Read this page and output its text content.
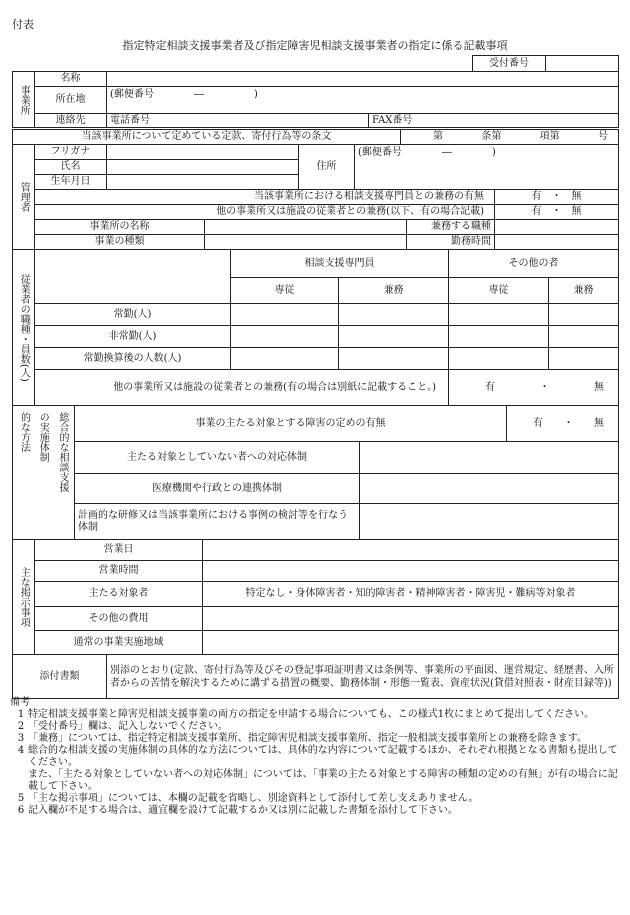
付表
指定特定相談支援事業者及び指定障害児相談支援事業者の指定に係る記載事項
受付番号	
事業所	名称		
	所在地	(郵便番号　　　　―　　　　　)	
	連絡先	電話番号	FAX番号
当該事業所について定めている定款、寄付行為等の条文	第	条第	項第	号
管理者	フリガナ			住所	(郵便番号　　　　―　　　　)		
	氏名						
	生年月日						
	当該事業所における相談支援専門員との兼務の有無						有　・　無
	他の事業所又は施設の従業者との兼務(以下、有の場合記載)						有　・　無
	事業所の名称					兼務する職種	
	事業の種類					勤務時間	
従業者の職種・員数(人)		相談支援専門員		その他の者	
		専従	兼務	専従	兼務
	常勤(人)				
	非常勤(人)				
	常勤換算後の人数(人)				
	他の事業所又は施設の従業者との兼務(有の場合は別紙に記載すること。)			有 ・ 無	
的な方法	の実施体制	総合的な相談支援	事業の主たる対象とする障害の定めの有無		有 ・ 無

			主たる対象としていない者への対応体制		
			医療機関や行政との連携体制		
			計画的な研修又は当該事業所における事例の検討等を行なう体制		
主な掲示事項	営業日	
	営業時間	
	主たる対象者	特定なし・身体障害者・知的障害者・精神障害者・障害児・難病等対象者
	その他の費用	
	通常の事業実施地域	
添付書類	別添のとおり(定款、寄付行為等及びその登記事項証明書又は条例等、事業所の平面図、運営規定、経歴書、入所者からの苦情を解決するために講ずる措置の概要、勤務体制・形態一覧表、資産状況(貸借対照表・財産目録等))
備考
1 特定相談支援事業と障害児相談支援事業の両方の指定を申請する場合についても、この様式1枚にまとめて提出してください。
2 「受付番号」欄は、記入しないでください。
3 「兼務」については、指定特定相談支援事業所、指定障害児相談支援事業所、指定一般相談支援事業所との兼務を除きます。
4 総合的な相談支援の実施体制の具体的な方法については、具体的な内容について記載するほか、それぞれ根拠となる書類も提出してください。
また、「主たる対象としていない者への対応体制」については、「事業の主たる対象とする障害の種類の定めの有無」が有の場合に記載して下さい。
5 「主な掲示事項」については、本欄の記載を省略し、別途資料として添付して差し支えありません。
6 記入欄が不足する場合は、適宜欄を設けて記載するか又は別に記載した書類を添付して下さい。
